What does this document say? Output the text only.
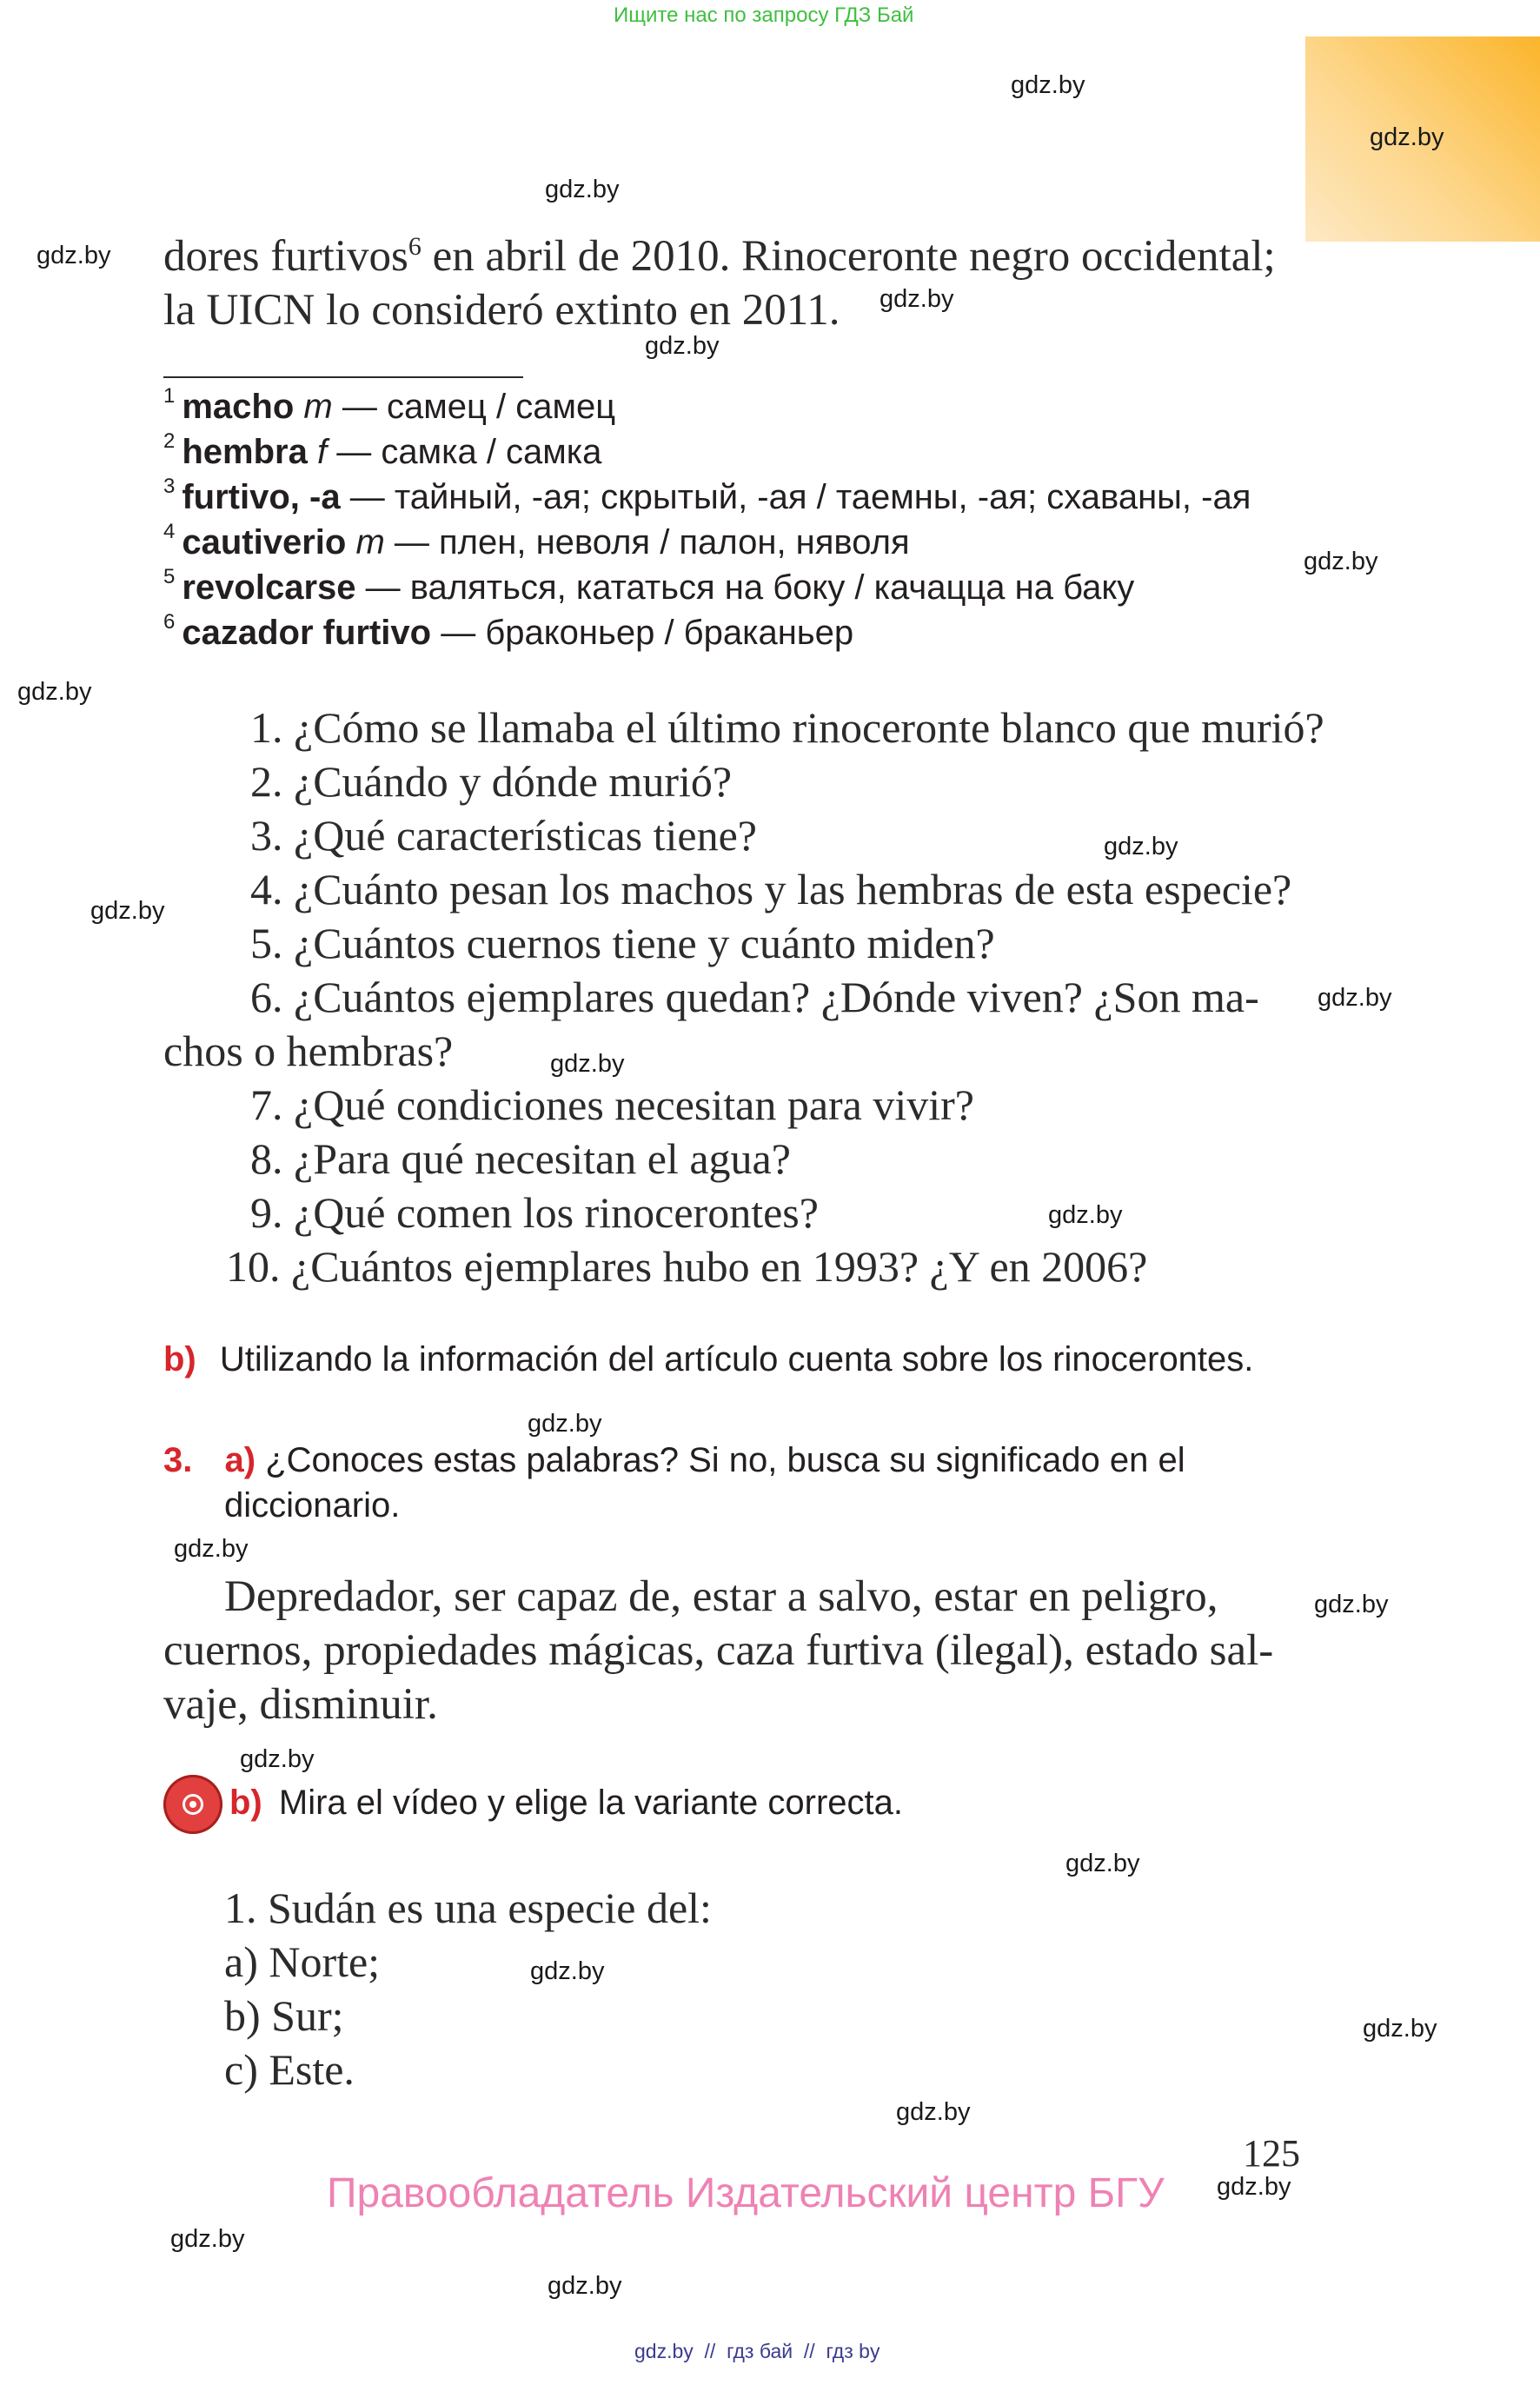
Ищите нас по запросу ГДЗ Бай
gdz.by
gdz.by
gdz.by
gdz.by
gdz.by
gdz.by
gdz.by
gdz.by
gdz.by
gdz.by
gdz.by
gdz.by
gdz.by
gdz.by
gdz.by
gdz.by
gdz.by
gdz.by
gdz.by
gdz.by
gdz.by
gdz.by
gdz.by
gdz.by
dores furtivos$^6$ en abril de 2010. Rinoceronte negro occidental;
la UICN lo consideró extinto en 2011.
$^1$ macho m — самец / самец
$^2$ hembra f — самка / самка
$^3$ furtivo, -a — тайный, -ая; скрытый, -ая / таемны, -ая; схаваны, -ая
$^4$ cautiverio m — плен, неволя / палон, няволя
$^5$ revolcarse — валяться, кататься на боку / качацца на баку
$^6$ cazador furtivo — браконьер / браканьер
1. ¿Cómo se llamaba el último rinoceronte blanco que murió?
2. ¿Cuándo y dónde murió?
3. ¿Qué características tiene?
4. ¿Cuánto pesan los machos y las hembras de esta especie?
5. ¿Cuántos cuernos tiene y cuánto miden?
6. ¿Cuántos ejemplares quedan? ¿Dónde viven? ¿Son ma-
chos o hembras?
7. ¿Qué condiciones necesitan para vivir?
8. ¿Para qué necesitan el agua?
9. ¿Qué comen los rinocerontes?
10. ¿Cuántos ejemplares hubo en 1993? ¿Y en 2006?
b) Utilizando la información del artículo cuenta sobre los rinocerontes.
3. a) ¿Conoces estas palabras? Si no, busca su significado en el
diccionario.
Depredador, ser capaz de, estar a salvo, estar en peligro,
cuernos, propiedades mágicas, caza furtiva (ilegal), estado sal-
vaje, disminuir.
b) Mira el vídeo y elige la variante correcta.
1. Sudán es una especie del:
a) Norte;
b) Sur;
c) Este.
125
Правообладатель Издательский центр БГУ
gdz.by  //  гдз бай  //  гдз by
